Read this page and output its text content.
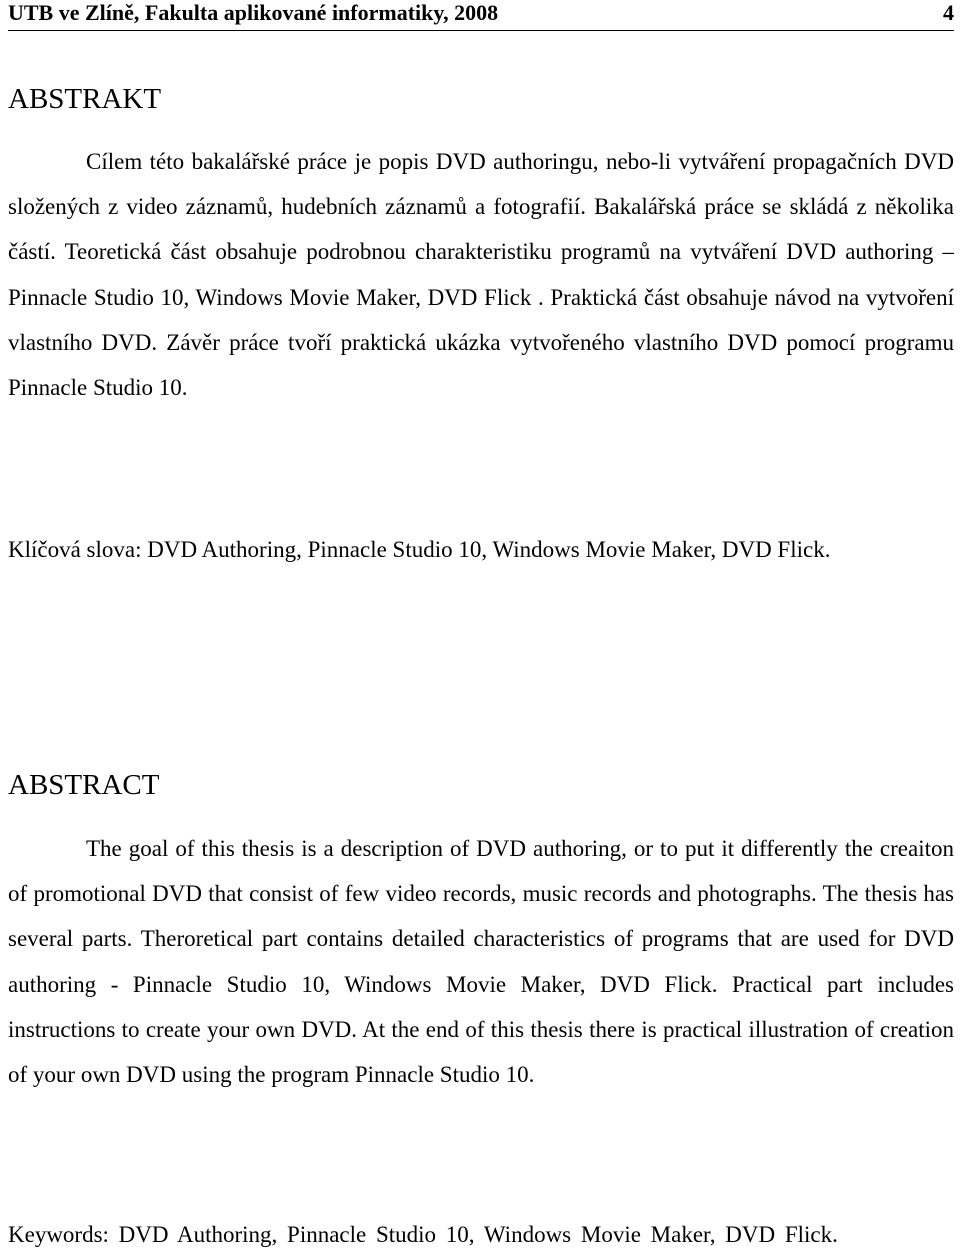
UTB ve Zlíně, Fakulta aplikované informatiky, 2008	4
ABSTRAKT

Cílem této bakalářské práce je popis DVD authoringu, nebo-li vytváření propagačních DVD složených z video záznamů, hudebních záznamů a fotografií. Bakalářská práce se skládá z několika částí. Teoretická část obsahuje podrobnou charakteristiku programů na vytváření DVD authoring – Pinnacle Studio 10, Windows Movie Maker, DVD Flick . Praktická část obsahuje návod na vytvoření vlastního DVD. Závěr práce tvoří praktická ukázka vytvořeného vlastního DVD pomocí programu Pinnacle Studio 10.

Klíčová slova: DVD Authoring, Pinnacle Studio 10, Windows Movie Maker, DVD Flick.

ABSTRACT

The goal of this thesis is a description of DVD authoring, or to put it differently the creaiton of promotional DVD that consist of few video records, music records and photographs. The thesis has several parts. Theroretical part contains detailed characteristics of programs that are used for DVD authoring - Pinnacle Studio 10, Windows Movie Maker, DVD Flick. Practical part includes instructions to create your own DVD. At the end of this thesis there is practical illustration of creation of your own DVD using the program Pinnacle Studio 10.

Keywords: DVD Authoring, Pinnacle Studio 10, Windows Movie Maker, DVD Flick.
